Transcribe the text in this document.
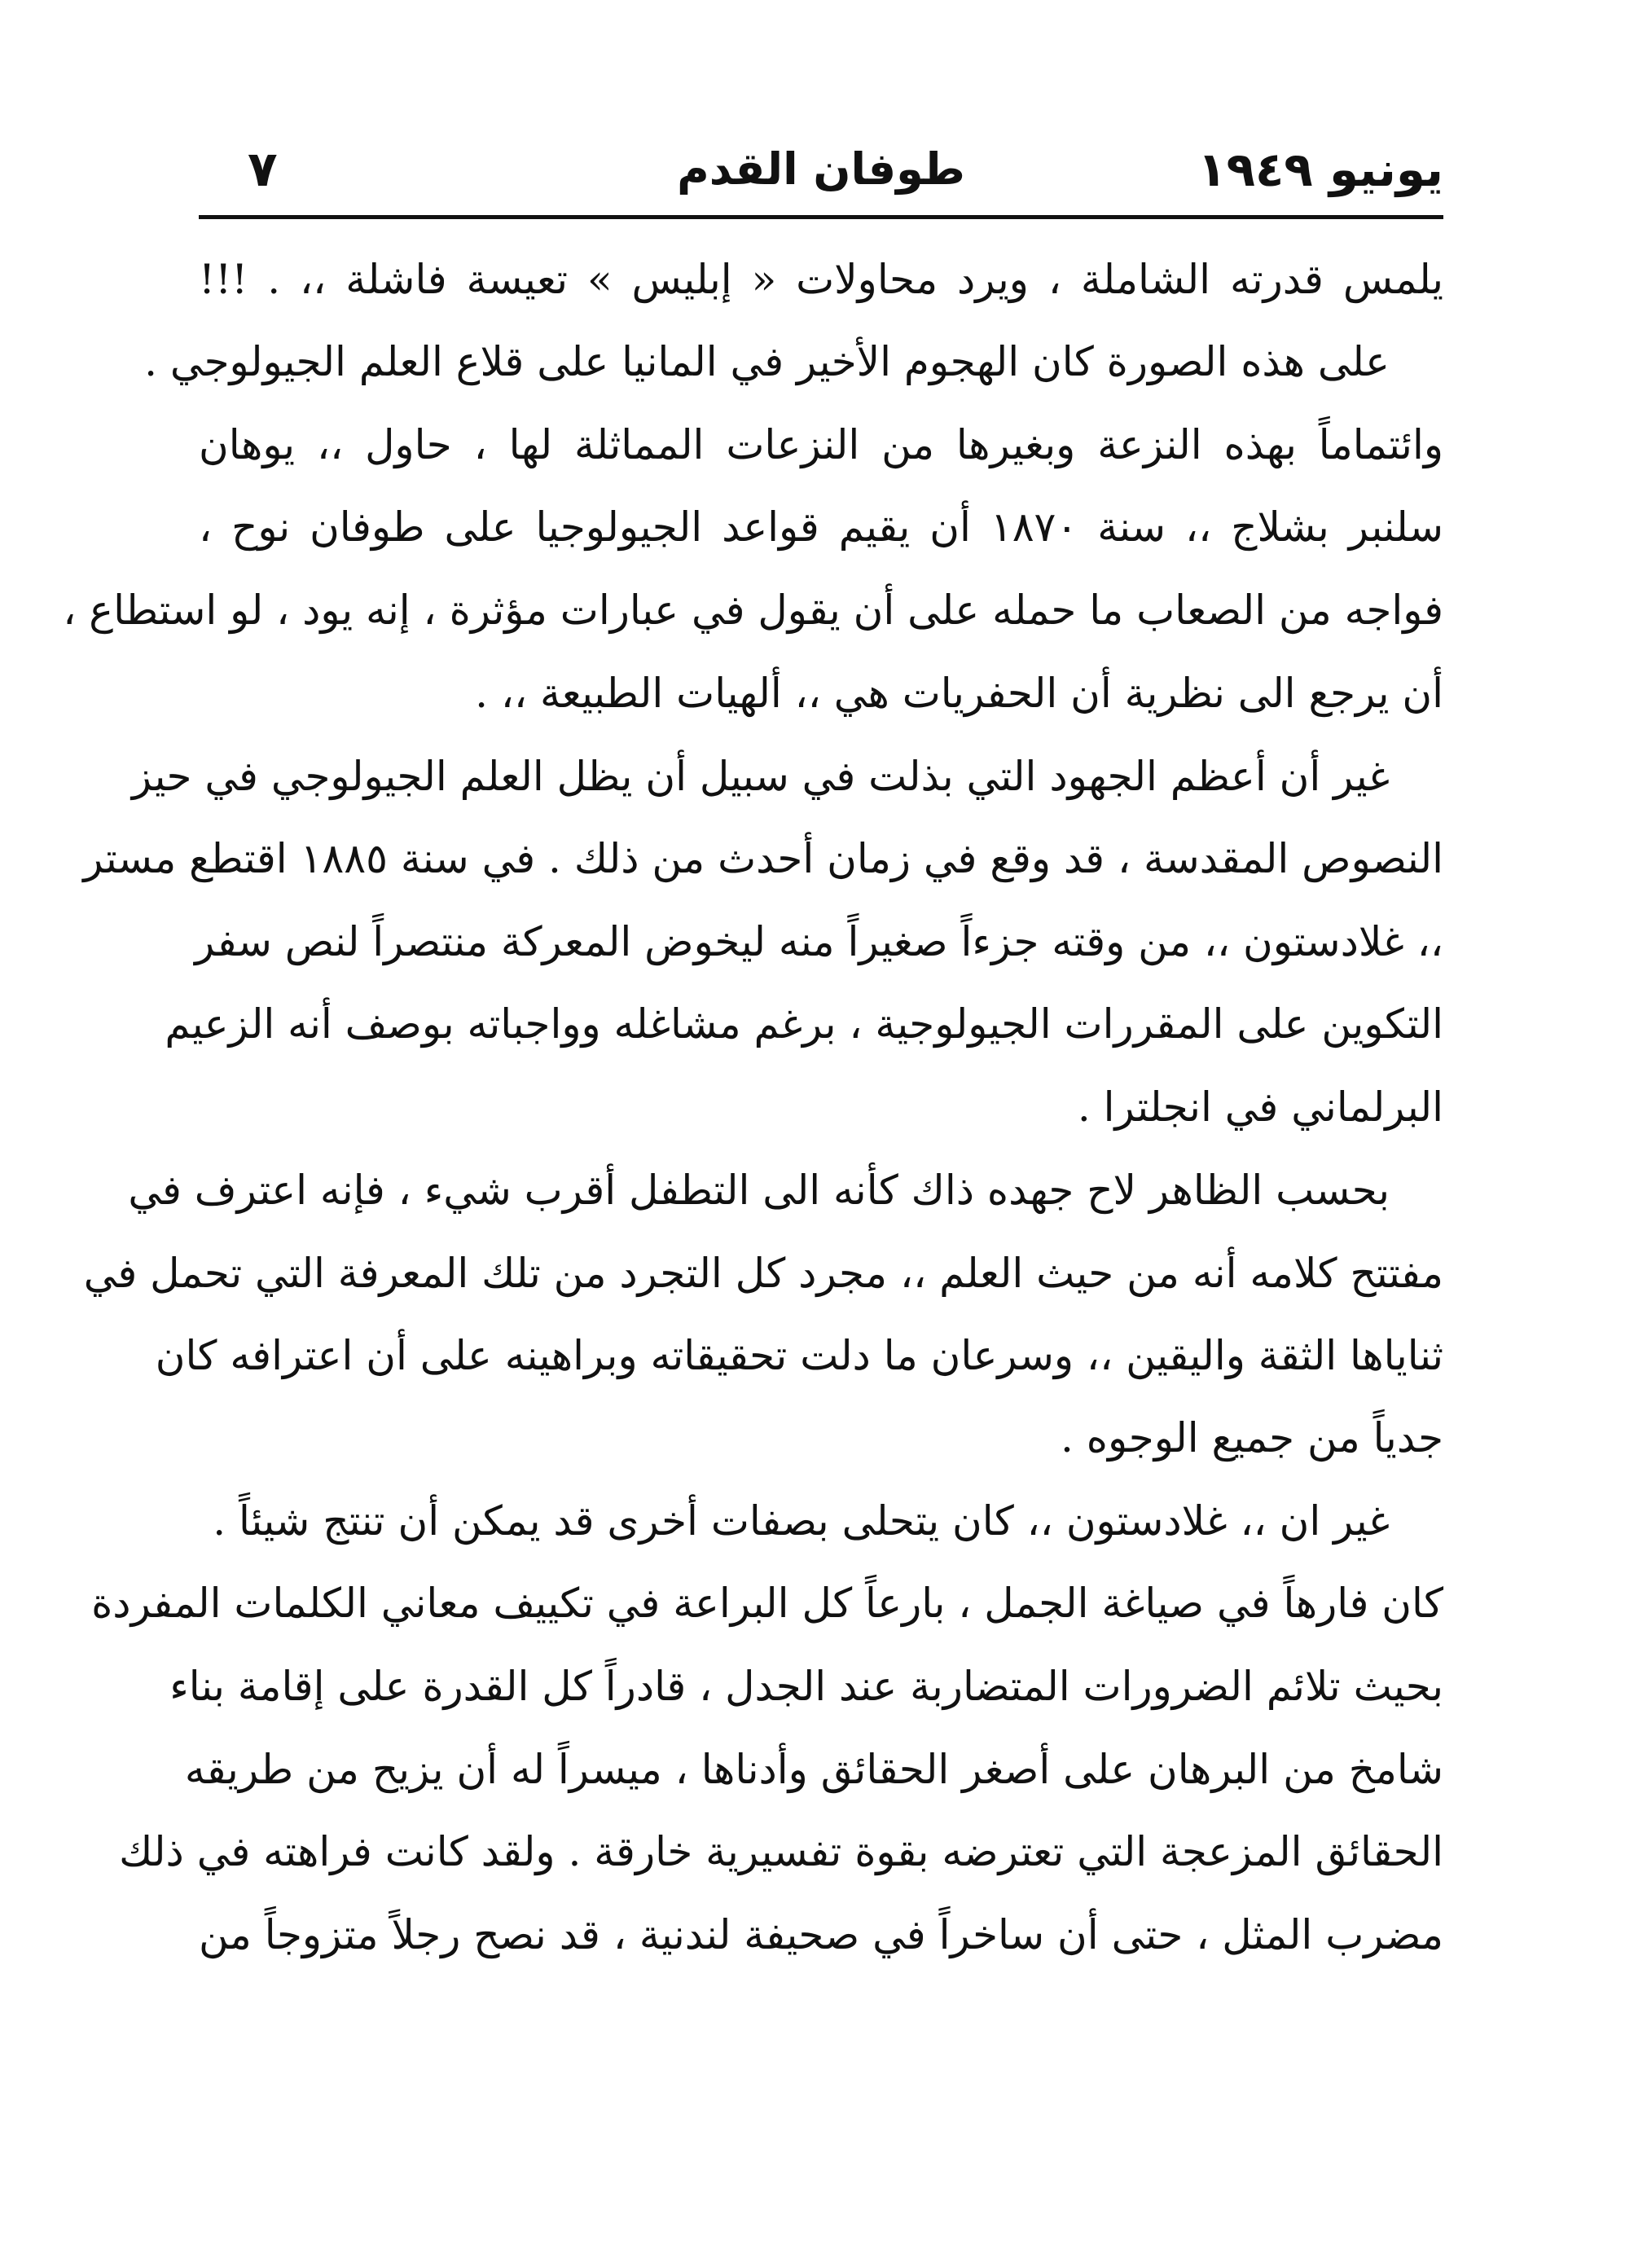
٧	طوفان القدم	يونيو ١٩٤٩
يلمس قدرته الشاملة ، ويرد محاولات « إبليس » تعيسة فاشلة ،، . !!!
على هذه الصورة كان الهجوم الأخير في المانيا على قلاع العلم الجيولوجي .
وائتماماً بهذه النزعة وبغيرها من النزعات المماثلة لها ، حاول ،، يوهان
سلنبر بشلاج ،، سنة ١٨٧٠ أن يقيم قواعد الجيولوجيا على طوفان نوح ،
فواجه من الصعاب ما حمله على أن يقول في عبارات مؤثرة ، إنه يود ، لو استطاع ،
أن يرجع الى نظرية أن الحفريات هي ،، ألهيات الطبيعة ،، .
غير أن أعظم الجهود التي بذلت في سبيل أن يظل العلم الجيولوجي في حيز
النصوص المقدسة ، قد وقع في زمان أحدث من ذلك . في سنة ١٨٨٥ اقتطع مستر
،، غلادستون ،، من وقته جزءاً صغيراً منه ليخوض المعركة منتصراً لنص سفر
التكوين على المقررات الجيولوجية ، برغم مشاغله وواجباته بوصف أنه الزعيم
البرلماني في انجلترا .
بحسب الظاهر لاح جهده ذاك كأنه الى التطفل أقرب شيء ، فإنه اعترف في
مفتتح كلامه أنه من حيث العلم ،، مجرد كل التجرد من تلك المعرفة التي تحمل في
ثناياها الثقة واليقين ،، وسرعان ما دلت تحقيقاته وبراهينه على أن اعترافه كان
جدياً من جميع الوجوه .
غير ان ،، غلادستون ،، كان يتحلى بصفات أخرى قد يمكن أن تنتج شيئاً .
كان فارهاً في صياغة الجمل ، بارعاً كل البراعة في تكييف معاني الكلمات المفردة
بحيث تلائم الضرورات المتضاربة عند الجدل ، قادراً كل القدرة على إقامة بناء
شامخ من البرهان على أصغر الحقائق وأدناها ، ميسراً له أن يزيح من طريقه
الحقائق المزعجة التي تعترضه بقوة تفسيرية خارقة . ولقد كانت فراهته في ذلك
مضرب المثل ، حتى أن ساخراً في صحيفة لندنية ، قد نصح رجلاً متزوجاً من
